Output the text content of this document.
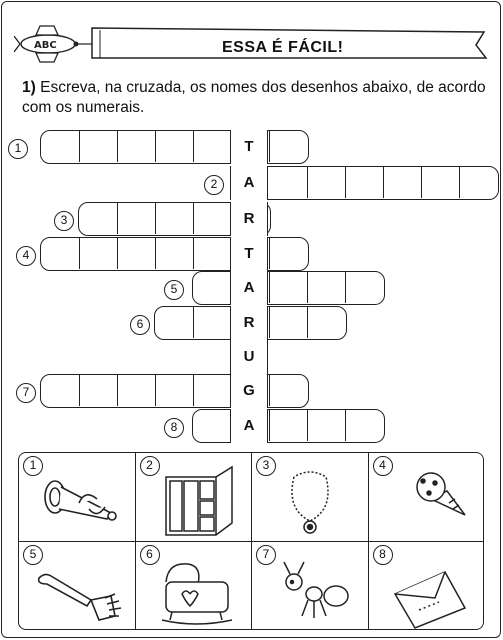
ABC	ESSA É FÁCIL!
1) Escreva, na cruzada, os nomes dos desenhos abaixo, de acordo com os numerais.
T
1
A
2
R
3
T
4
A
5
R
6
U
G
7
A
8
1	2	3	4
5	6	7	8
